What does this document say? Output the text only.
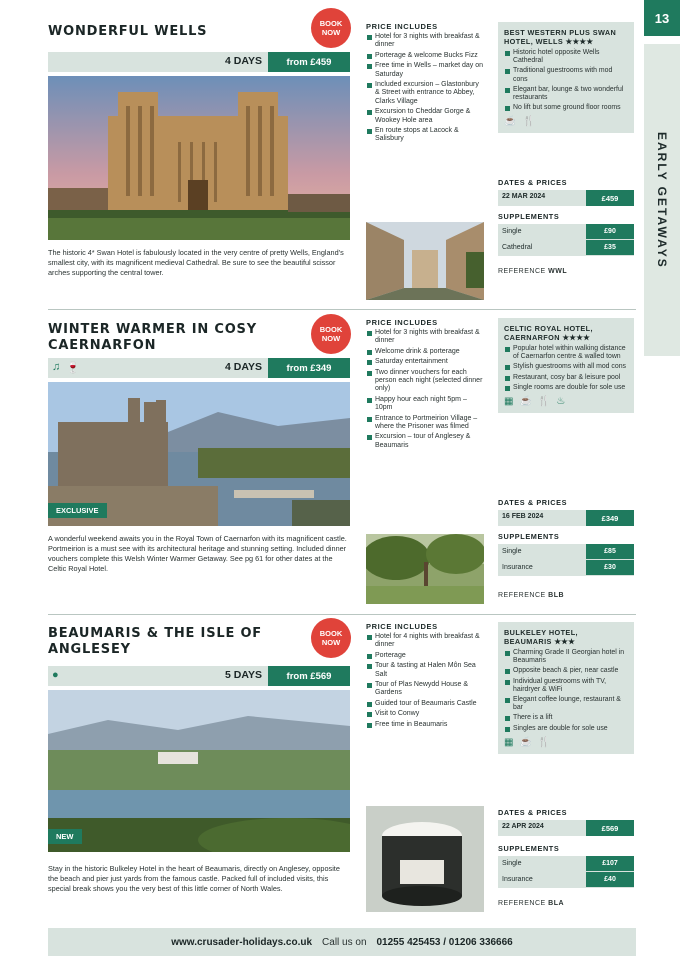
13
EARLY GETAWAYS
WONDERFUL WELLS
BOOK NOW
4 DAYS	from £459

The historic 4* Swan Hotel is fabulously located in the very centre of pretty Wells, England's smallest city, with its magnificent medieval Cathedral. Be sure to see the beautiful scissor arches supporting the central tower.

PRICE INCLUDES
Hotel for 3 nights with breakfast & dinner
Porterage & welcome Bucks Fizz
Free time in Wells – market day on Saturday
Included excursion – Glastonbury & Street with entrance to Abbey, Clarks Village
Excursion to Cheddar Gorge & Wookey Hole area
En route stops at Lacock & Salisbury
BEST WESTERN PLUS SWAN HOTEL, WELLS ★★★★
Historic hotel opposite Wells Cathedral
Traditional guestrooms with mod cons
Elegant bar, lounge & two wonderful restaurants
No lift but some ground floor rooms
☕ 🍴
DATES & PRICES
22 MAR 2024	£459
SUPPLEMENTS
Single	£90
Cathedral	£35
REFERENCE WWL
WINTER WARMER IN COSY CAERNARFON
BOOK NOW
♫ 🍷	4 DAYS	from £349
EXCLUSIVE

A wonderful weekend awaits you in the Royal Town of Caernarfon with its magnificent castle. Portmeirion is a must see with its architectural heritage and stunning setting. Included dinner vouchers complete this Welsh Winter Warmer Getaway. See pg 61 for other dates at the Celtic Royal Hotel.

PRICE INCLUDES
Hotel for 3 nights with breakfast & dinner
Welcome drink & porterage
Saturday entertainment
Two dinner vouchers for each person each night (selected dinner only)
Happy hour each night 5pm – 10pm
Entrance to Portmeirion Village – where the Prisoner was filmed
Excursion – tour of Anglesey & Beaumaris
CELTIC ROYAL HOTEL, CAERNARFON ★★★★
Popular hotel within walking distance of Caernarfon centre & walled town
Stylish guestrooms with all mod cons
Restaurant, cosy bar & leisure pool
Single rooms are double for sole use
▦ ☕ 🍴 ♨
DATES & PRICES
16 FEB 2024	£349
SUPPLEMENTS
Single	£85
Insurance	£30
REFERENCE BLB
BEAUMARIS & THE ISLE OF ANGLESEY
BOOK NOW
●	5 DAYS	from £569
NEW

Stay in the historic Bulkeley Hotel in the heart of Beaumaris, directly on Anglesey, opposite the beach and pier just yards from the famous castle. Packed full of included visits, this special break shows you the very best of this little corner of North Wales.

PRICE INCLUDES
Hotel for 4 nights with breakfast & dinner
Porterage
Tour & tasting at Halen Môn Sea Salt
Tour of Plas Newydd House & Gardens
Guided tour of Beaumaris Castle
Visit to Conwy
Free time in Beaumaris
BULKELEY HOTEL, BEAUMARIS ★★★
Charming Grade II Georgian hotel in Beaumaris
Opposite beach & pier, near castle
Individual guestrooms with TV, hairdryer & WiFi
Elegant coffee lounge, restaurant & bar
There is a lift
Singles are double for sole use
▦ ☕ 🍴
DATES & PRICES
22 APR 2024	£569
SUPPLEMENTS
Single	£107
Insurance	£40
REFERENCE BLA
www.crusader-holidays.co.uk Call us on 01255 425453 / 01206 336666
